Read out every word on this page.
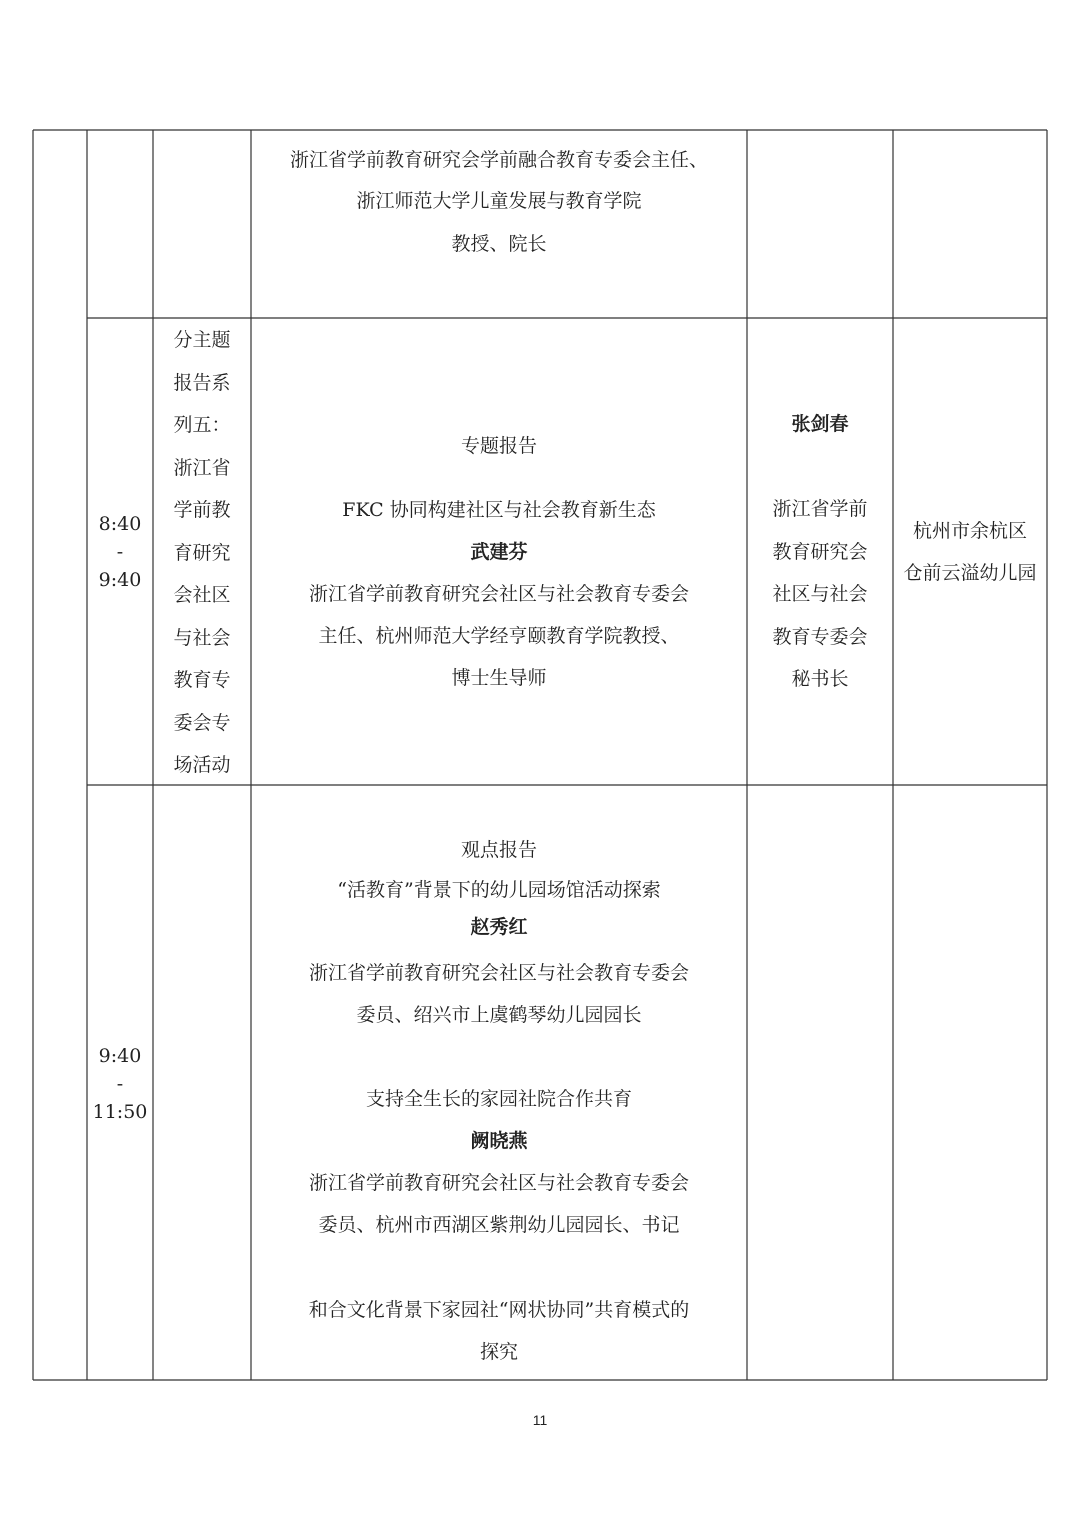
浙江省学前教育研究会学前融合教育专委会主任、
浙江师范大学儿童发展与教育学院
教授、院长
8:40
-
9:40
分主题
报告系
列五：
浙江省
学前教
育研究
会社区
与社会
教育专
委会专
场活动
专题报告
FKC 协同构建社区与社会教育新生态
武建芬
浙江省学前教育研究会社区与社会教育专委会
主任、杭州师范大学经亨颐教育学院教授、
博士生导师
张剑春
浙江省学前
教育研究会
社区与社会
教育专委会
秘书长
杭州市余杭区
仓前云溢幼儿园
9:40
-
11:50
观点报告
“活教育”背景下的幼儿园场馆活动探索
赵秀红
浙江省学前教育研究会社区与社会教育专委会
委员、绍兴市上虞鹤琴幼儿园园长
支持全生长的家园社院合作共育
阙晓燕
浙江省学前教育研究会社区与社会教育专委会
委员、杭州市西湖区紫荆幼儿园园长、书记
和合文化背景下家园社“网状协同”共育模式的
探究
11
